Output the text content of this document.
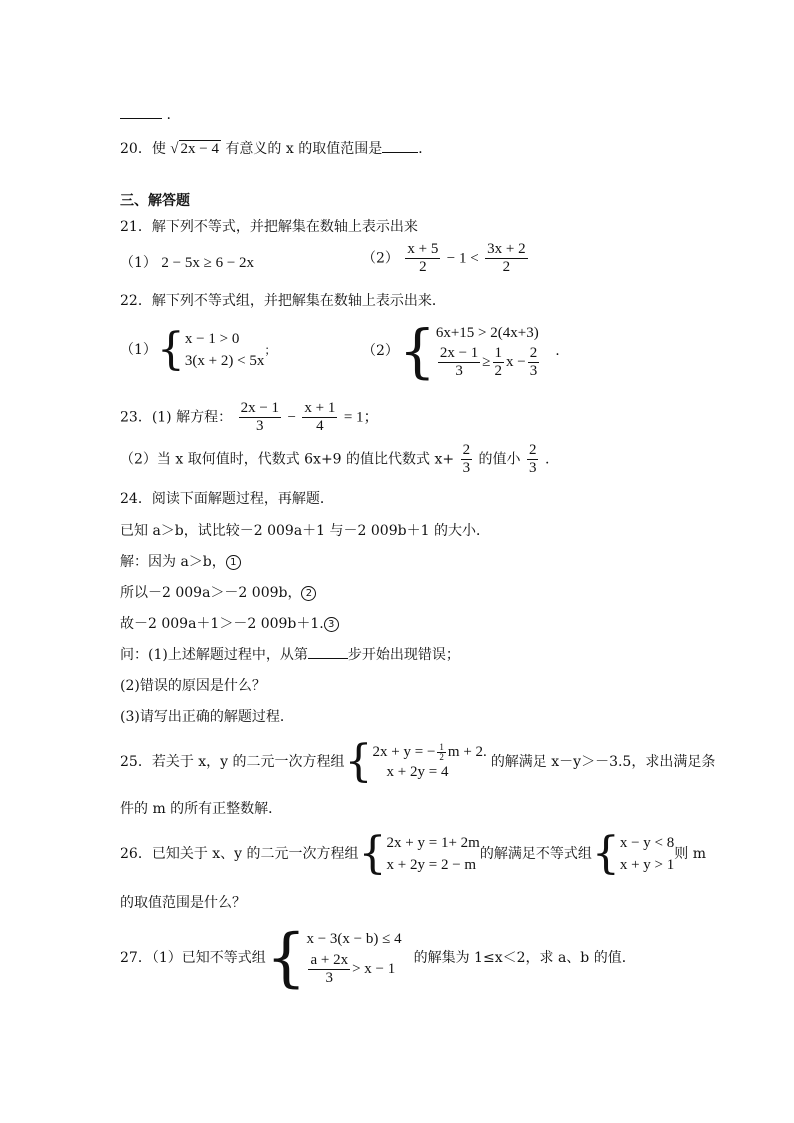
.
20．使 √ 2x − 4 有意义的 x 的取值范围是	．
三、解答题
21．解下列不等式，并把解集在数轴上表示出来
（1） 2 − 5x ≥ 6 − 2x	$(2) \frac{x + 5}{2} - 1 < \frac{3x + 2}{2}$
22．解下列不等式组，并把解集在数轴上表示出来．
（1） { x − 1 > 0
3(x + 2) < 5x
；	（2） { 6x+15 > 2(4x+3)
$\frac{2x - 1}{3} \ge \frac{1}{2}$ $x - \frac{2}{3}$ .
23．(1) 解方程： $\frac{2x - 1}{3} - \frac{x + 1}{4} = 1$；
（2）当 x 取何值时，代数式 6x+9 的值比代数式 $x+ \frac{2}{3}$ 的值小 $\frac{2}{3}$ .
24．阅读下面解题过程，再解题．
已知 a＞b，试比较－2 009a＋1 与－2 009b＋1 的大小．
解：因为 a＞b， 1
所以－2 009a＞－2 009b， 2
故－2 009a＋1＞－2 009b＋1. 3
问：(1)上述解题过程中，从第	步开始出现错误；
(2)错误的原因是什么？
(3)请写出正确的解题过程．
25．若关于 x，y 的二元一次方程组 { 2x + y = − $\frac{1}{2}$ m + 2.
x + 2y = 4
的解满足 x－y＞－3.5，求出满足条
件的 m 的所有正整数解．
26．已知关于 x、y 的二元一次方程组 { 2x + y = 1+ 2m
x + 2y = 2 − m
的解满足不等式组 { x − y < 8
x + y > 1
则 m
的取值范围是什么？
27．（1）已知不等式组 { x − 3(x − b) ≤ 4
$\frac{a + 2x}{3} > x - 1$
的解集为 1≤x＜2，求 a、b 的值．
